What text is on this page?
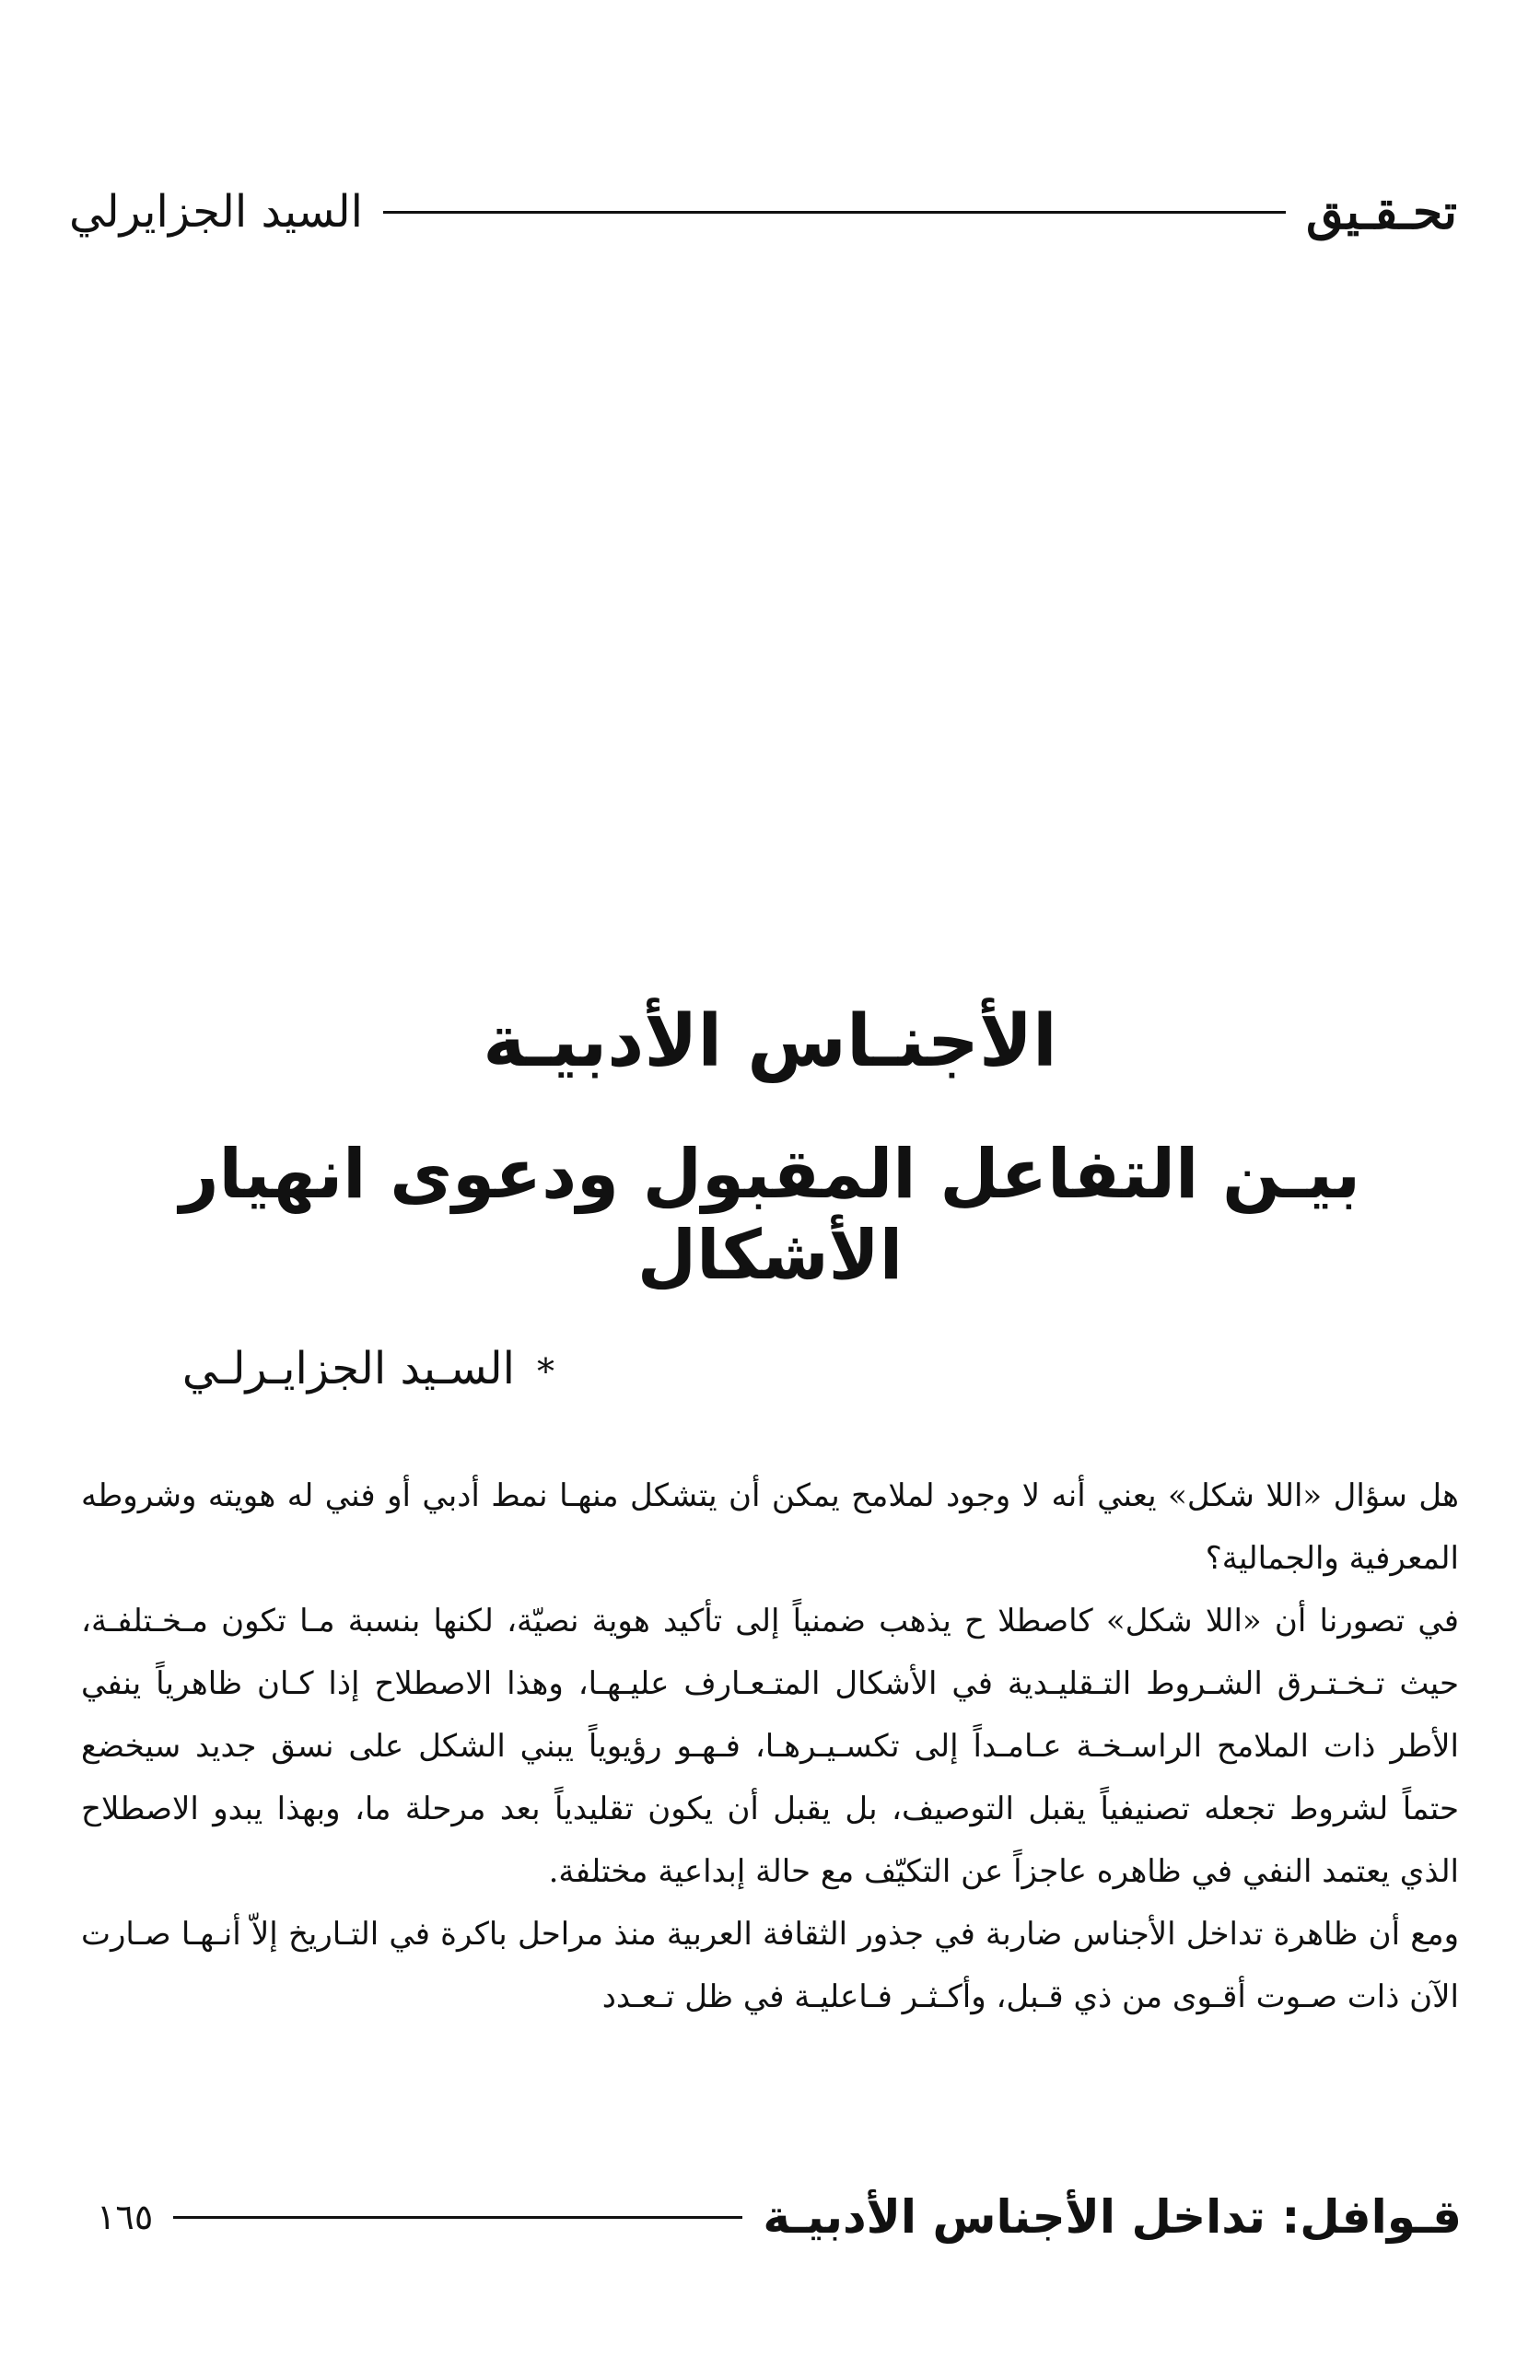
تحـقـيق
السيد الجزايرلي
الأجنـاس الأدبيـة
بيـن التفاعل المقبول ودعوى انهيار الأشكال
*السـيد الجزايـرلـي

هل سؤال «اللا شكل» يعني أنه لا وجود لملامح يمكن أن يتشكل منهـا نمط أدبي أو فني له هويته وشروطه المعرفية والجمالية؟

في تصورنا أن «اللا شكل» كاصطلا ح يذهب ضمنياً إلى تأكيد هوية نصيّة، لكنها بنسبة مـا تكون مـخـتلفـة، حيث تـخـتـرق الشـروط التـقليـدية في الأشكال المتـعـارف عليـهـا، وهذا الاصطلاح إذا كـان ظاهرياً ينفي الأطر ذات الملامح الراسـخـة عـامـداً إلى تكسـيـرهـا، فـهـو رؤيوياً يبني الشكل على نسق جديد سيخضع حتماً لشروط تجعله تصنيفياً يقبل التوصيف، بل يقبل أن يكون تقليدياً بعد مرحلة ما، وبهذا يبدو الاصطلاح الذي يعتمد النفي في ظاهره عاجزاً عن التكيّف مع حالة إبداعية مختلفة.

ومع أن ظاهرة تداخل الأجناس ضاربة في جذور الثقافة العربية منذ مراحل باكرة في التـاريخ إلاّ أنـهـا صـارت الآن ذات صـوت أقـوى من ذي قـبل، وأكـثـر فـاعليـة في ظل تـعـدد

قـوافل: تداخل الأجناس الأدبيـة
١٦٥
